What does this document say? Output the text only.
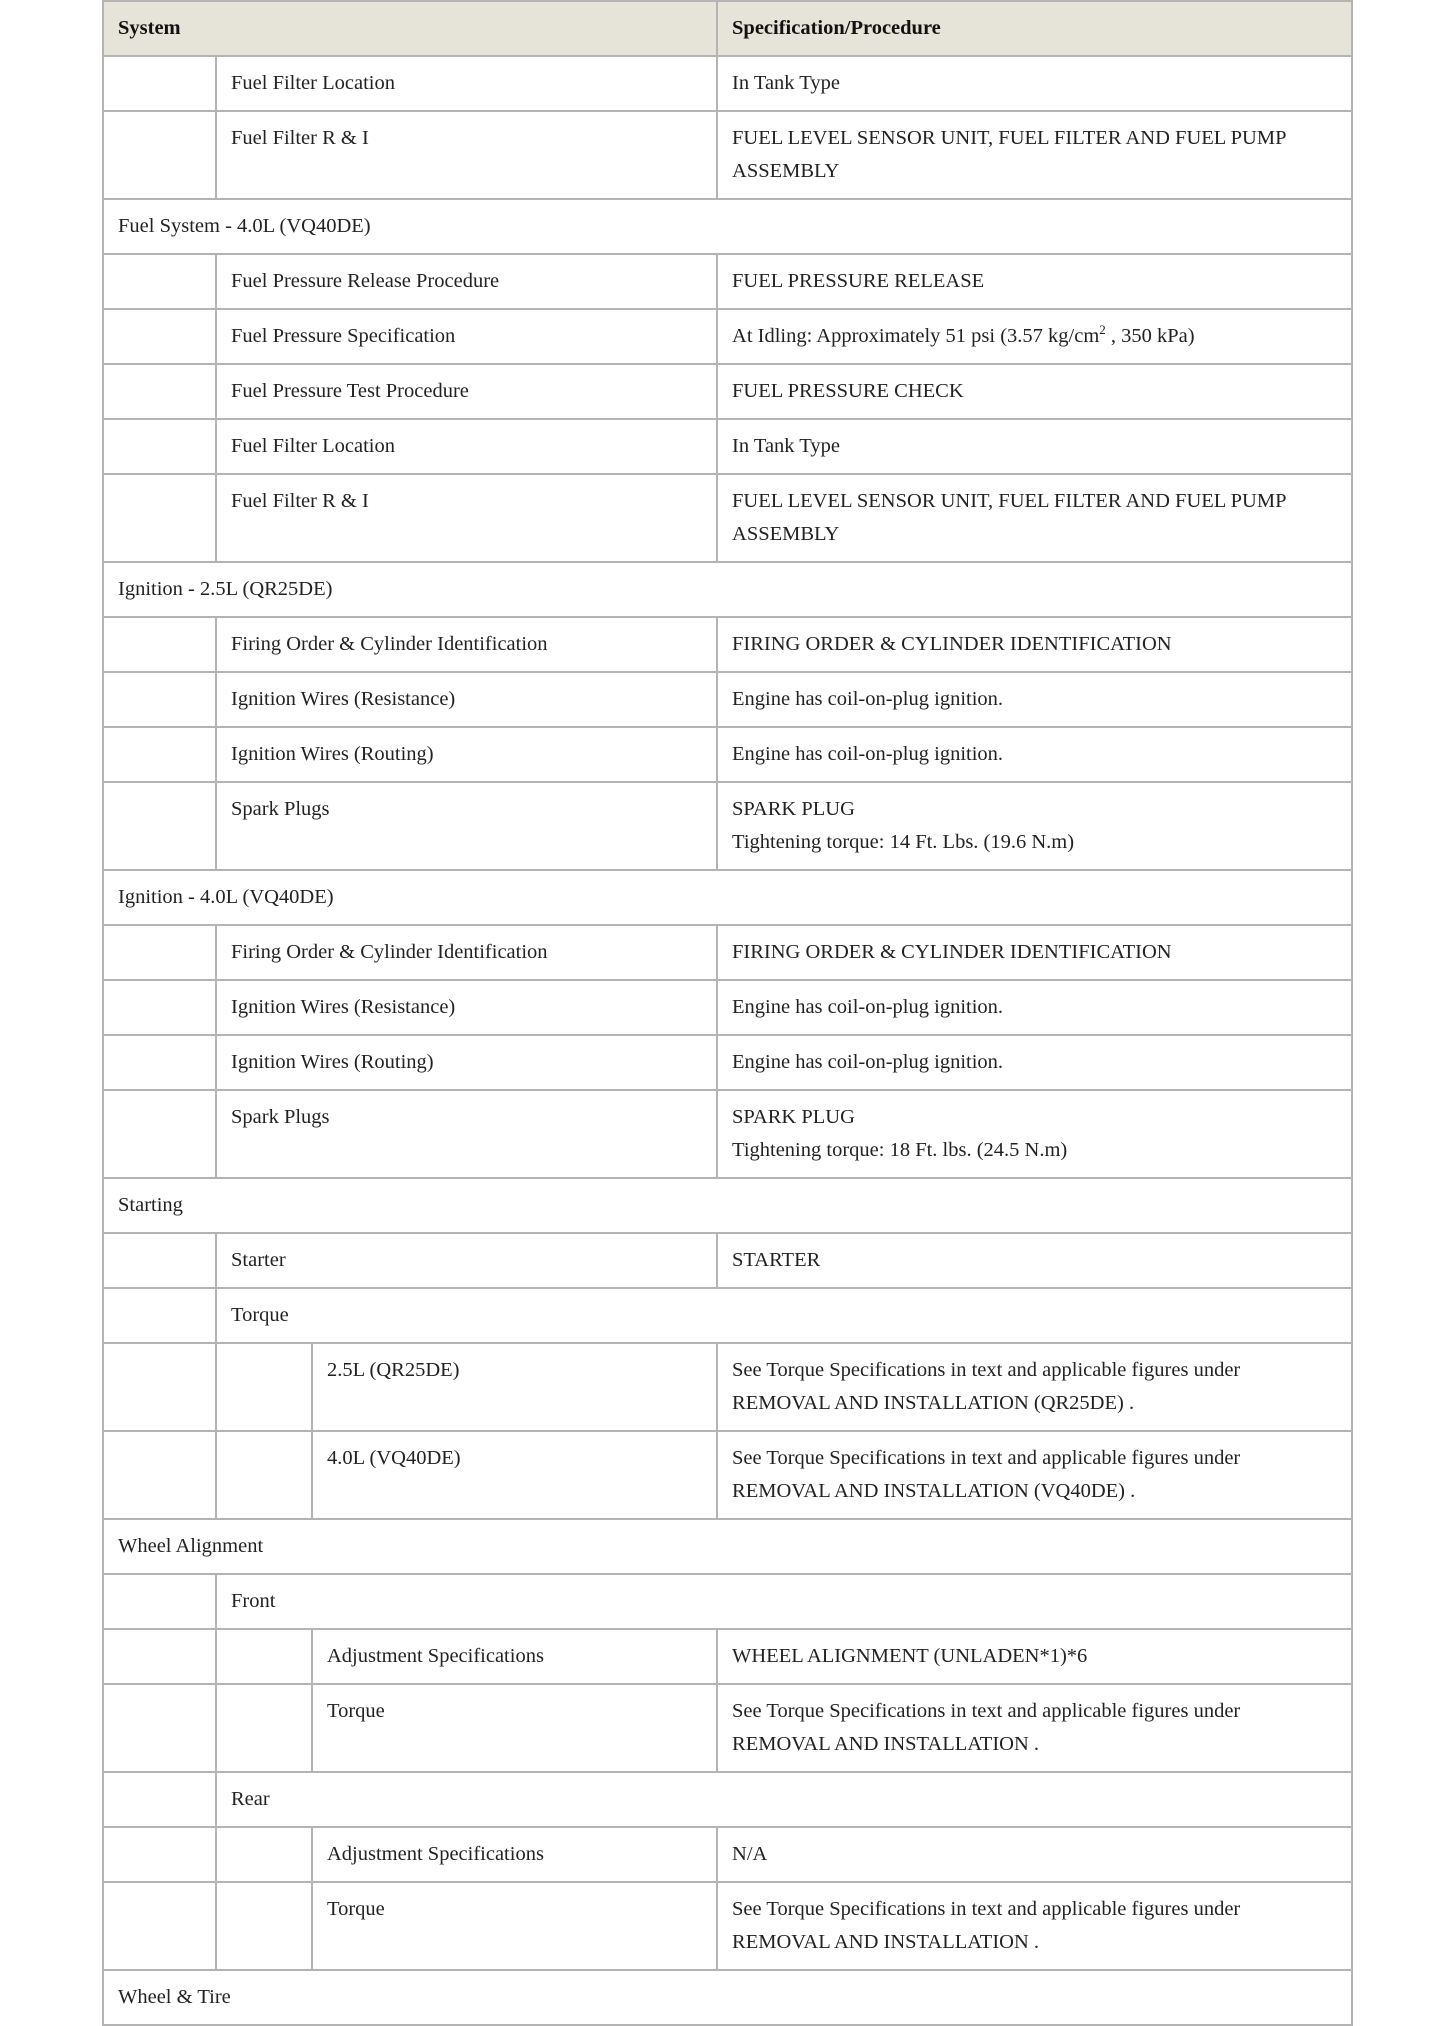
System			Specification/Procedure
	Fuel Filter Location		In Tank Type
	Fuel Filter R & I		FUEL LEVEL SENSOR UNIT, FUEL FILTER AND FUEL PUMP ASSEMBLY
Fuel System - 4.0L (VQ40DE)			
	Fuel Pressure Release Procedure		FUEL PRESSURE RELEASE
	Fuel Pressure Specification		At Idling: Approximately 51 psi (3.57 $kg/cm^2$ , 350 kPa)
	Fuel Pressure Test Procedure		FUEL PRESSURE CHECK
	Fuel Filter Location		In Tank Type
	Fuel Filter R & I		FUEL LEVEL SENSOR UNIT, FUEL FILTER AND FUEL PUMP ASSEMBLY
Ignition - 2.5L (QR25DE)			
	Firing Order & Cylinder Identification		FIRING ORDER & CYLINDER IDENTIFICATION
	Ignition Wires (Resistance)		Engine has coil-on-plug ignition.
	Ignition Wires (Routing)		Engine has coil-on-plug ignition.
	Spark Plugs		SPARK PLUG
Tightening torque: 14 Ft. Lbs. (19.6 N.m)
Ignition - 4.0L (VQ40DE)			
	Firing Order & Cylinder Identification		FIRING ORDER & CYLINDER IDENTIFICATION
	Ignition Wires (Resistance)		Engine has coil-on-plug ignition.
	Ignition Wires (Routing)		Engine has coil-on-plug ignition.
	Spark Plugs		SPARK PLUG
Tightening torque: 18 Ft. lbs. (24.5 N.m)
Starting			
	Starter		STARTER
	Torque		
		2.5L (QR25DE)	See Torque Specifications in text and applicable figures under REMOVAL AND INSTALLATION (QR25DE) .
		4.0L (VQ40DE)	See Torque Specifications in text and applicable figures under REMOVAL AND INSTALLATION (VQ40DE) .
Wheel Alignment			
	Front		
		Adjustment Specifications	WHEEL ALIGNMENT (UNLADEN*1)*6
		Torque	See Torque Specifications in text and applicable figures under REMOVAL AND INSTALLATION .
	Rear		
		Adjustment Specifications	N/A
		Torque	See Torque Specifications in text and applicable figures under REMOVAL AND INSTALLATION .
Wheel & Tire			
